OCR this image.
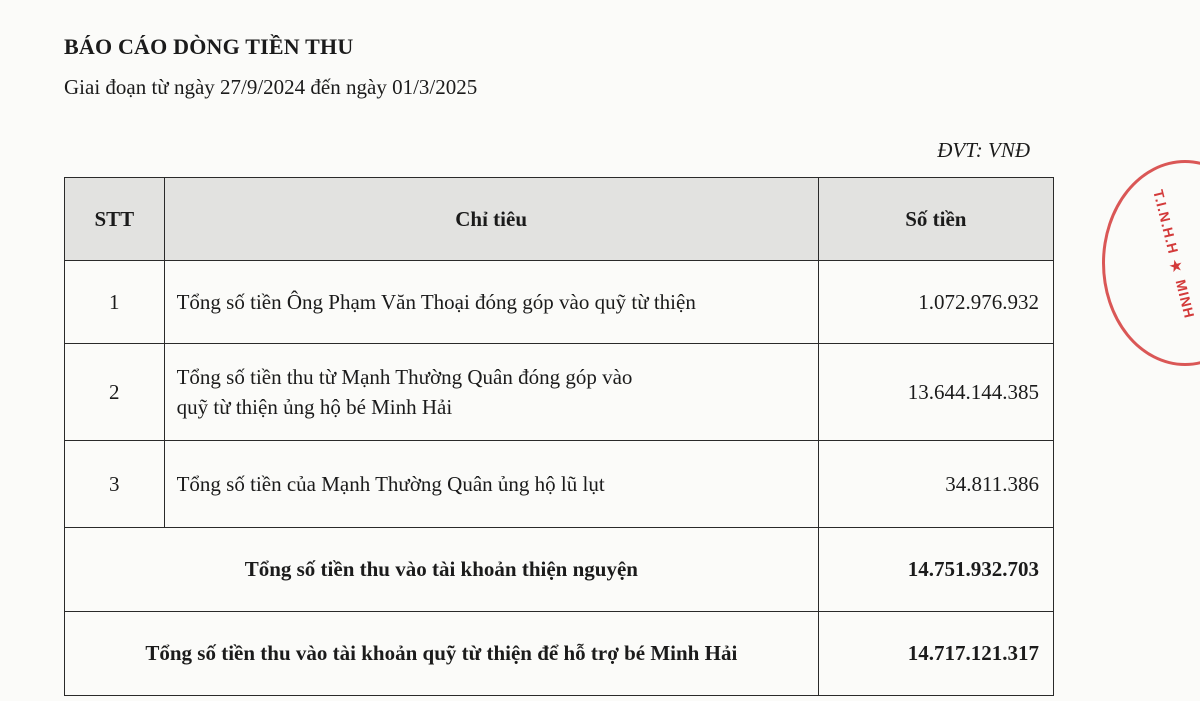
BÁO CÁO DÒNG TIỀN THU
Giai đoạn từ ngày 27/9/2024 đến ngày 01/3/2025
ĐVT: VNĐ
STT	Chỉ tiêu	Số tiền
1	Tổng số tiền Ông Phạm Văn Thoại đóng góp vào quỹ từ thiện	1.072.976.932
2	Tổng số tiền thu từ Mạnh Thường Quân đóng góp vào
quỹ từ thiện ủng hộ bé Minh Hải	13.644.144.385
3	Tổng số tiền của Mạnh Thường Quân ủng hộ lũ lụt	34.811.386
Tổng số tiền thu vào tài khoản thiện nguyện		14.751.932.703
Tổng số tiền thu vào tài khoản quỹ từ thiện để hỗ trợ bé Minh Hải		14.717.121.317
T.I.N.H.H ★ MINH
